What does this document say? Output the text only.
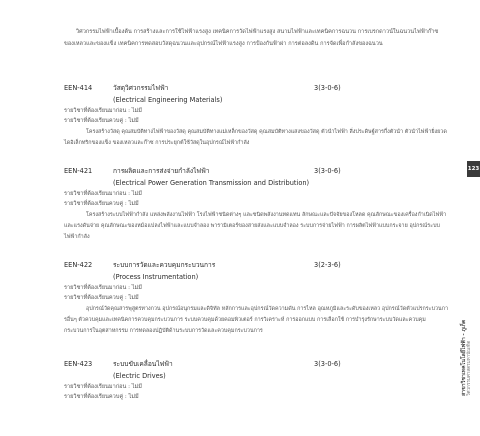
วิศวกรรมไฟฟ้าเบื้องต้น การสร้างและการใช้ไฟฟ้าแรงสูง เทคนิคการวัดไฟฟ้าแรงสูง สนามไฟฟ้าและเทคนิคการฉนวน การเบรกดาวน์ในฉนวนไฟฟ้าก๊าซ ของเหลวและของแข็ง เทคนิคการทดสอบวัสดุฉนวนและอุปกรณ์ไฟฟ้าแรงสูง การป้องกันฟ้าผ่า การต่อลงดิน การจัดเพื่อกำลังของฉนวน

EEN-414	วัสดุวิศวกรรมไฟฟ้า	3(3-0-6)
(Electrical Engineering Materials)
รายวิชาที่ต้องเรียนมาก่อน : ไม่มี
รายวิชาที่ต้องเรียนควบคู่ : ไม่มี
โครงสร้างวัสดุ คุณสมบัติทางไฟฟ้าของวัสดุ คุณสมบัติทางแม่เหล็กของวัสดุ คุณสมบัติทางแสงของวัสดุ ตัวนำไฟฟ้า สิ่งประดิษฐ์สารกึ่งตัวนำ ตัวนำไฟฟ้ายิ่งยวด ไดอิเล็กทริกของแข็ง ของเหลวและก๊าซ การประยุกต์ใช้วัสดุในอุปกรณ์ไฟฟ้ากำลัง
EEN-421	การผลิตและการส่งจ่ายกำลังไฟฟ้า	3(3-0-6)
(Electrical Power Generation Transmission and Distribution)
รายวิชาที่ต้องเรียนมาก่อน : ไม่มี
รายวิชาที่ต้องเรียนควบคู่ : ไม่มี
โครงสร้างระบบไฟฟ้ากำลัง แหล่งพลังงานไฟฟ้า โรงไฟฟ้าชนิดต่างๆ และชนิดพลังงานทดแทน ลักษณะและปัจจัยของโหลด คุณลักษณะของเครื่องกำเนิดไฟฟ้าและแรงดันจ่าย คุณลักษณะของหม้อแปลงไฟฟ้าและแบบจำลอง พารามิเตอร์ของสายส่งและแบบจำลอง ระบบการจ่ายไฟฟ้า การผลิตไฟฟ้าแบบกระจาย อุปกรณ์ระบบไฟฟ้ากำลัง
EEN-422	ระบบการวัดและควบคุมกระบวนการ	3(2-3-6)
(Process Instrumentation)
รายวิชาที่ต้องเรียนมาก่อน : ไม่มี
รายวิชาที่ต้องเรียนควบคู่ : ไม่มี
อุปกรณ์วัดคุณสารพุสูตรทางกวน อุปกรณ์อนุกรมและดิจิทัล หลักการและอุปกรณ์วัดความดัน การไหล อุณหภูมิและระดับของเหลว อุปกรณ์วัดตัวแปรกระบวนการอื่นๆ ตัวควบคุมและเทคนิคการควบคุมกระบวนการ ระบบควบคุมด้วยคอมพิวเตอร์ การวิเคราะห์ การออกแบบ การเลือกใช้ การบำรุงรักษาระบบวัดและควบคุมกระบวนการในอุตสาหกรรม การทดลองปฏิบัติด้านระบบการวัดและควบคุมกระบวนการ
EEN-423	ระบบขับเคลื่อนไฟฟ้า	3(3-0-6)
(Electric Drives)
รายวิชาที่ต้องเรียนมาก่อน : ไม่มี
รายวิชาที่ต้องเรียนควบคู่ : ไม่มี
123
สาขาวิชาเทคโนโลยีไฟฟ้า - ภูเก็ต วิศวกรรมศาสตรมหาบัณฑิต
